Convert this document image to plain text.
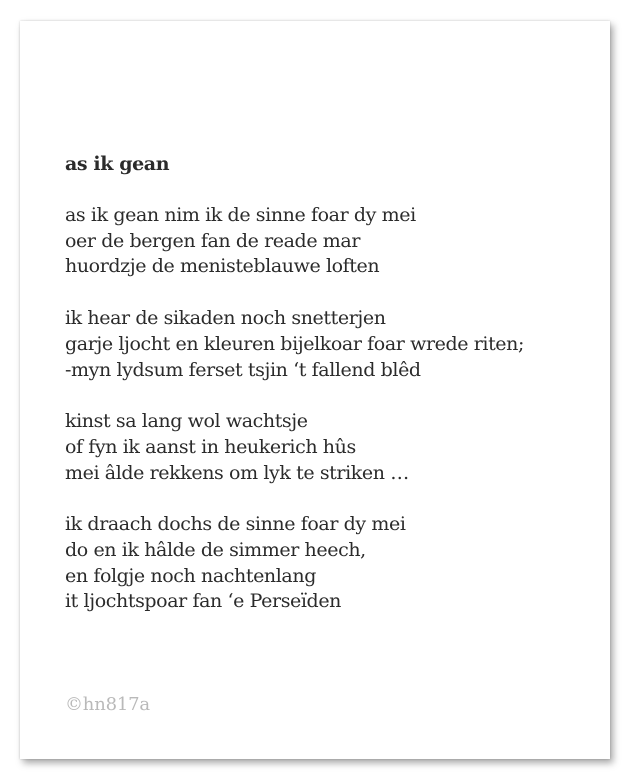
as ik gean
as ik gean nim ik de sinne foar dy mei
oer de bergen fan de reade mar
huordzje de menisteblauwe loften
ik hear de sikaden noch snetterjen
garje ljocht en kleuren bijelkoar foar wrede riten;
-myn lydsum ferset tsjin ‘t fallend blêd
kinst sa lang wol wachtsje
of fyn ik aanst in heukerich hûs
mei âlde rekkens om lyk te striken …
ik draach dochs de sinne foar dy mei
do en ik hâlde de simmer heech,
en folgje noch nachtenlang
it ljochtspoar fan ‘e Perseïden
©hn817a
